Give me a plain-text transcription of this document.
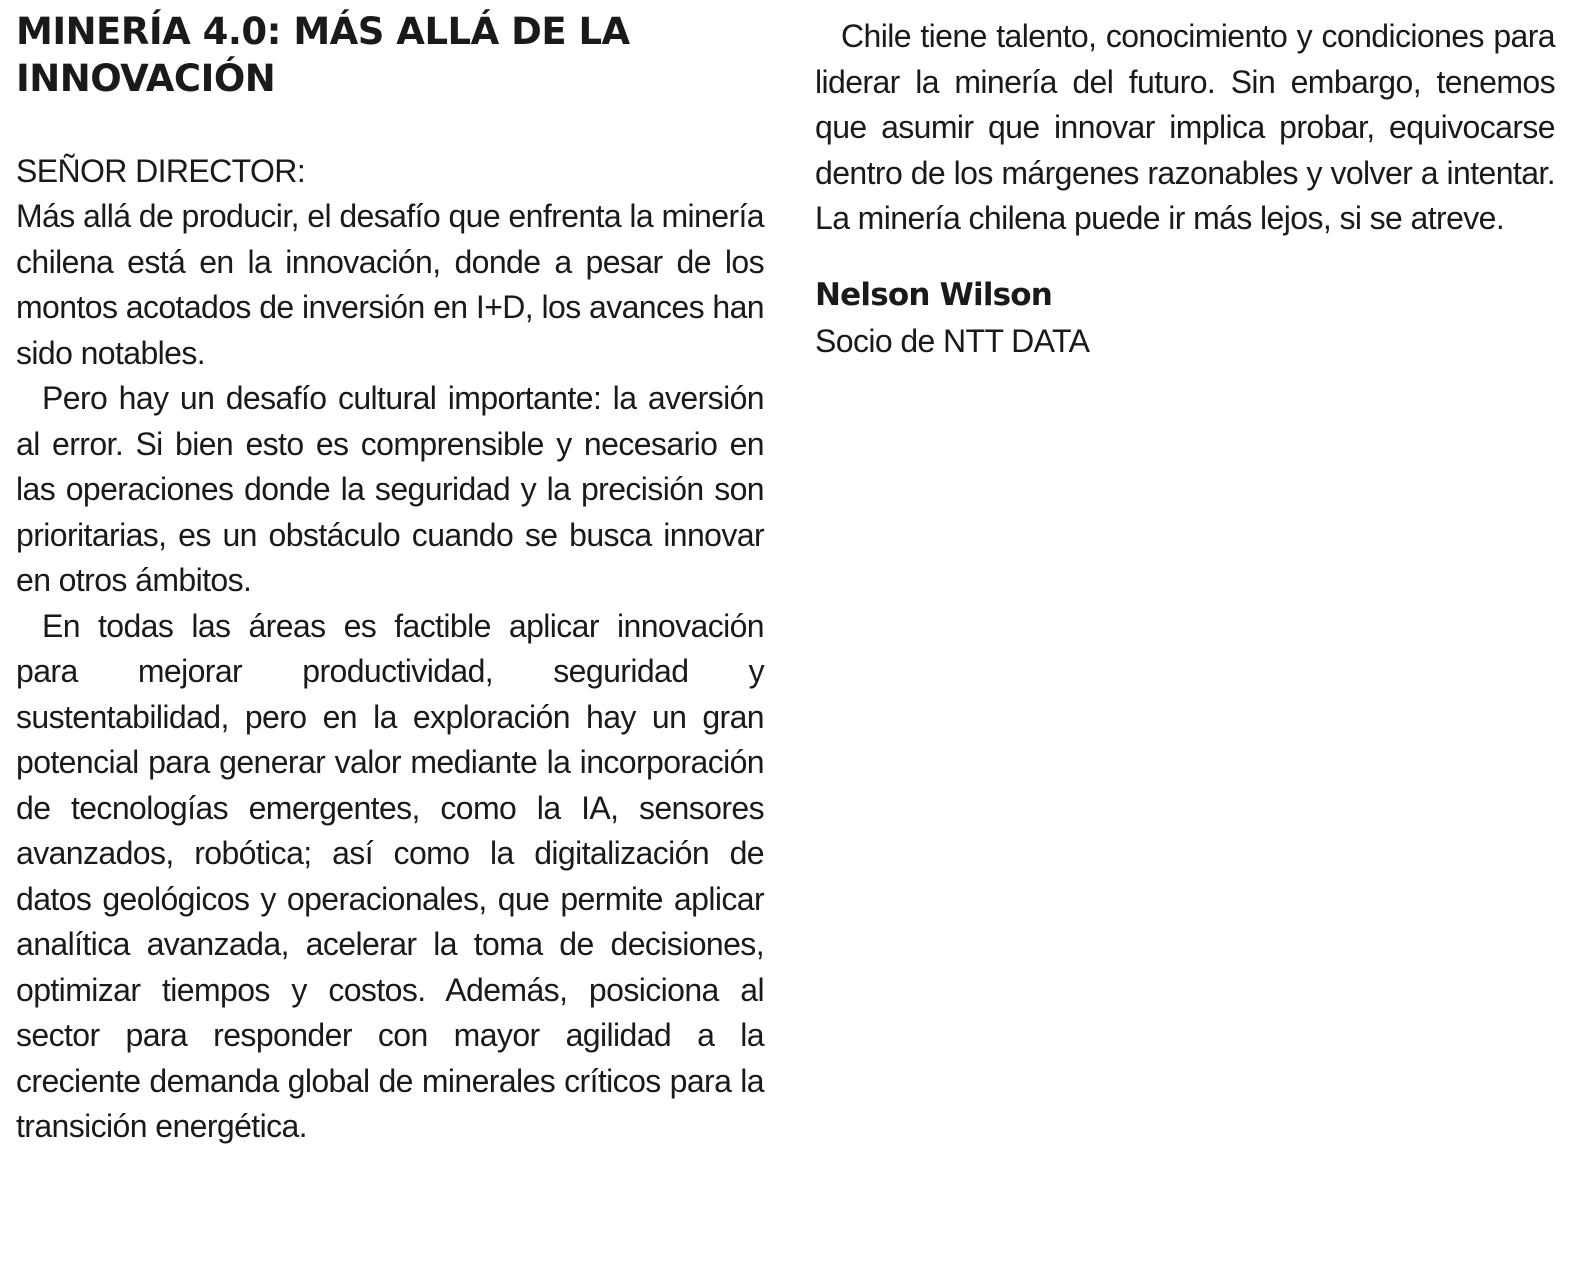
MINERÍA 4.0: MÁS ALLÁ DE LA INNOVACIÓN

SEÑOR DIRECTOR:

Más allá de producir, el desafío que enfrenta la minería chilena está en la innovación, donde a pesar de los montos acotados de inversión en I+D, los avances han sido notables.

Pero hay un desafío cultural importante: la aversión al error. Si bien esto es comprensible y necesario en las operaciones donde la seguridad y la precisión son prioritarias, es un obstáculo cuando se busca innovar en otros ámbitos.

En todas las áreas es factible aplicar innovación para mejorar productividad, seguridad y sustentabilidad, pero en la exploración hay un gran potencial para generar valor mediante la incorporación de tecnologías emergentes, como la IA, sensores avanzados, robótica; así como la digitalización de datos geológicos y operacionales, que permite aplicar analítica avanzada, acelerar la toma de decisiones, optimizar tiempos y costos. Además, posiciona al sector para responder con mayor agilidad a la creciente demanda global de minerales críticos para la transición energética.

Chile tiene talento, conocimiento y condiciones para liderar la minería del futuro. Sin embargo, tenemos que asumir que innovar implica probar, equivocarse dentro de los márgenes razonables y volver a intentar. La minería chilena puede ir más lejos, si se atreve.

Nelson Wilson

Socio de NTT DATA
